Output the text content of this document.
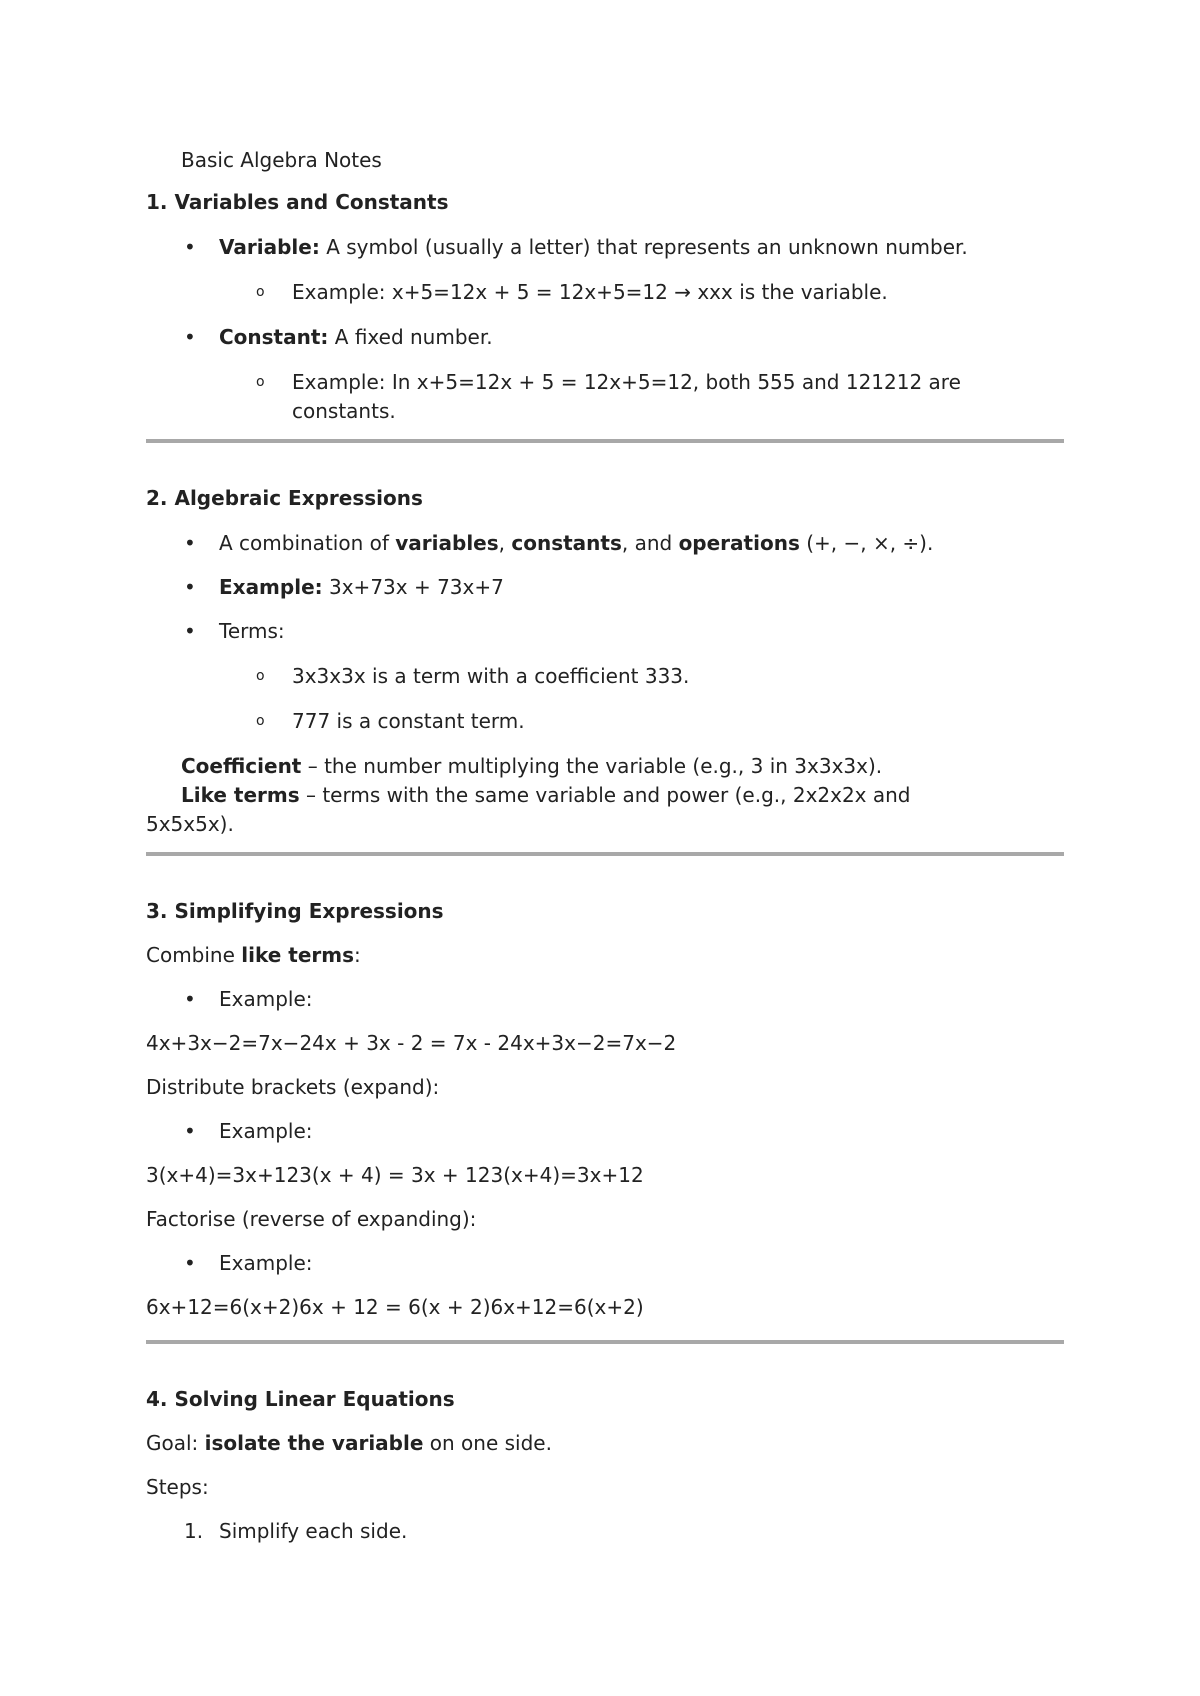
Basic Algebra Notes
1. Variables and Constants
• Variable: A symbol (usually a letter) that represents an unknown number.
o Example: x+5=12x + 5 = 12x+5=12 → xxx is the variable.
• Constant: A fixed number.
o Example: In x+5=12x + 5 = 12x+5=12, both 555 and 121212 are
constants.
2. Algebraic Expressions
• A combination of variables, constants, and operations (+, −, ×, ÷).
• Example: 3x+73x + 73x+7
• Terms:
o 3x3x3x is a term with a coefficient 333.
o 777 is a constant term.
Coefficient – the number multiplying the variable (e.g., 3 in 3x3x3x).
Like terms – terms with the same variable and power (e.g., 2x2x2x and
5x5x5x).
3. Simplifying Expressions
Combine like terms:
• Example:
4x+3x−2=7x−24x + 3x - 2 = 7x - 24x+3x−2=7x−2
Distribute brackets (expand):
• Example:
3(x+4)=3x+123(x + 4) = 3x + 123(x+4)=3x+12
Factorise (reverse of expanding):
• Example:
6x+12=6(x+2)6x + 12 = 6(x + 2)6x+12=6(x+2)
4. Solving Linear Equations
Goal: isolate the variable on one side.
Steps:
1. Simplify each side.
